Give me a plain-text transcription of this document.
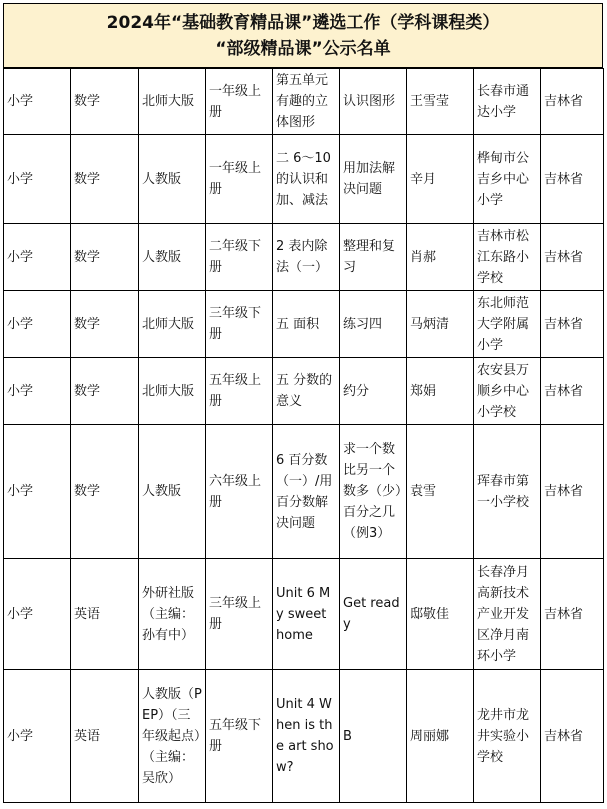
2024年“基础教育精品课”遴选工作（学科课程类）
“部级精品课”公示名单
小学	数学	北师大版	一年级上册	第五单元有趣的立体图形	认识图形	王雪莹	长春市通达小学	吉林省
小学	数学	人教版	一年级上册	二 6～10的认识和加、减法	用加法解决问题	辛月	桦甸市公吉乡中心小学	吉林省
小学	数学	人教版	二年级下册	2 表内除法（一）	整理和复习	肖郝	吉林市松江东路小学校	吉林省
小学	数学	北师大版	三年级下册	五 面积	练习四	马炳清	东北师范大学附属小学	吉林省
小学	数学	北师大版	五年级上册	五 分数的意义	约分	郑娟	农安县万顺乡中心小学校	吉林省
小学	数学	人教版	六年级上册	6 百分数（一）/用百分数解决问题	求一个数比另一个数多（少）百分之几（例3）	袁雪	珲春市第一小学校	吉林省
小学	英语	外研社版（主编：孙有中）	三年级上册	Unit 6 My sweet home	Get ready	邸敬佳	长春净月高新技术产业开发区净月南环小学	吉林省
小学	英语	人教版（PEP）（三年级起点）（主编：吴欣）	五年级下册	Unit 4 When is the art show?	B	周丽娜	龙井市龙井实验小学校	吉林省
